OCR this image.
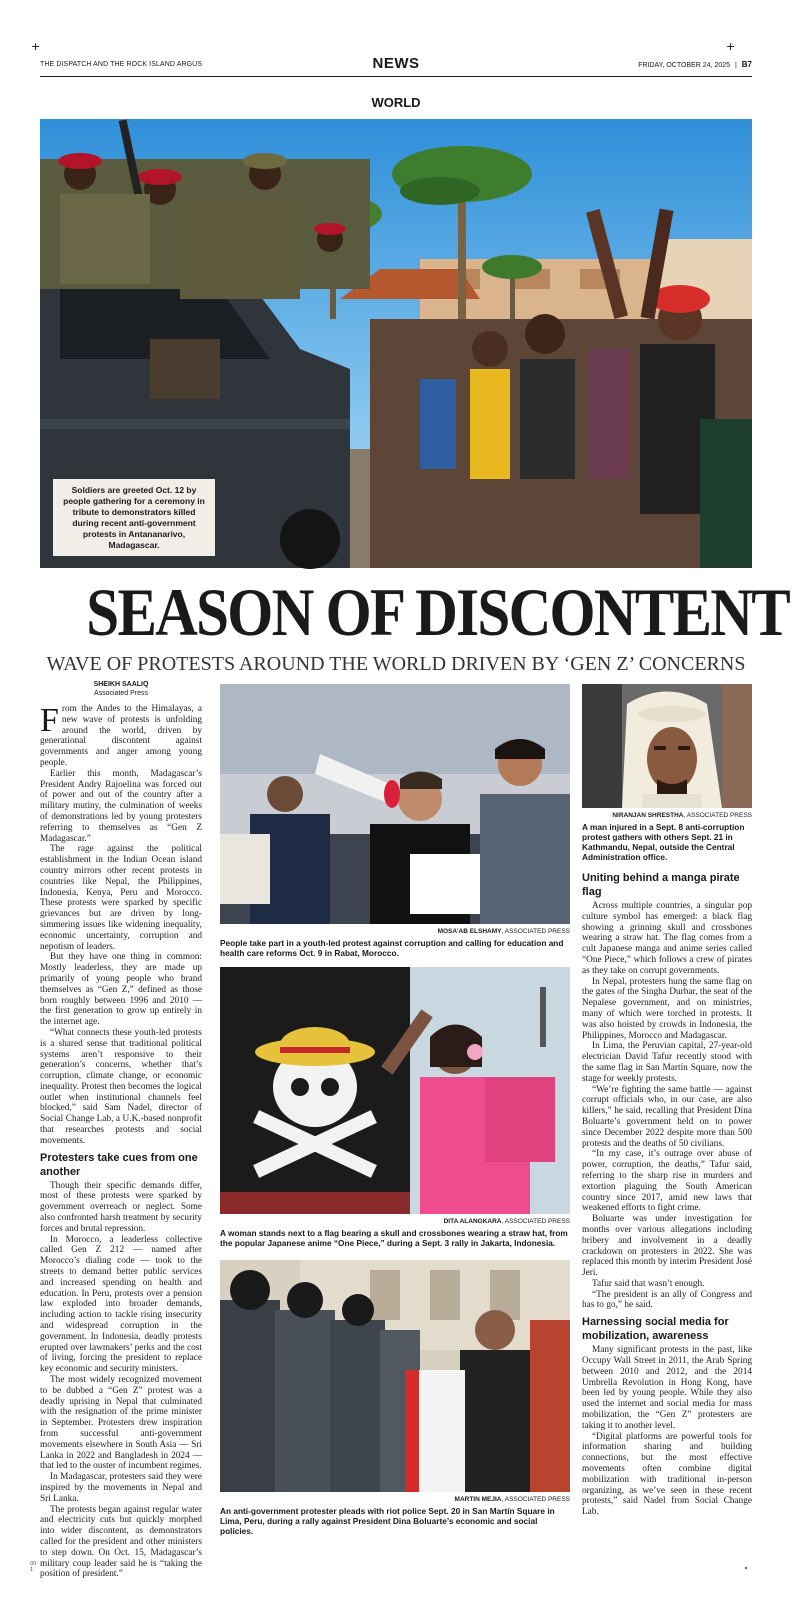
+	+
THE DISPATCH AND THE ROCK ISLAND ARGUS	NEWS	FRIDAY, OCTOBER 24, 2025 | B7
WORLD
Soldiers are greeted Oct. 12 by people gathering for a ceremony in tribute to demonstrators killed during recent anti-government protests in Antananarivo, Madagascar.
SEASON OF DISCONTENT
WAVE OF PROTESTS AROUND THE WORLD DRIVEN BY ‘GEN Z’ CONCERNS
SHEIKH SAALIQ
Associated Press

From the Andes to the Himalayas, a new wave of protests is unfolding around the world, driven by generational discontent against governments and anger among young people.

Earlier this month, Madagascar’s President Andry Rajoelina was forced out of power and out of the country after a military mutiny, the culmination of weeks of demonstrations led by young protesters referring to themselves as “Gen Z Madagascar.”

The rage against the political establishment in the Indian Ocean island country mirrors other recent protests in countries like Nepal, the Philippines, Indonesia, Kenya, Peru and Morocco. These protests were sparked by specific grievances but are driven by long-simmering issues like widening inequality, economic uncertainty, corruption and nepotism of leaders.

But they have one thing in common: Mostly leaderless, they are made up primarily of young people who brand themselves as “Gen Z,” defined as those born roughly between 1996 and 2010 — the first generation to grow up entirely in the internet age.

“What connects these youth-led protests is a shared sense that traditional political systems aren’t responsive to their generation’s concerns, whether that’s corruption, climate change, or economic inequality. Protest then becomes the logical outlet when institutional channels feel blocked,” said Sam Nadel, director of Social Change Lab, a U.K.-based nonprofit that researches protests and social movements.

Protesters take cues from one another

Though their specific demands differ, most of these protests were sparked by government overreach or neglect. Some also confronted harsh treatment by security forces and brutal repression.

In Morocco, a leaderless collective called Gen Z 212 — named after Morocco’s dialing code — took to the streets to demand better public services and increased spending on health and education. In Peru, protests over a pension law exploded into broader demands, including action to tackle rising insecurity and widespread corruption in the government. In Indonesia, deadly protests erupted over lawmakers’ perks and the cost of living, forcing the president to replace key economic and security ministers.

The most widely recognized movement to be dubbed a “Gen Z” protest was a deadly uprising in Nepal that culminated with the resignation of the prime minister in September. Protesters drew inspiration from successful anti-government movements elsewhere in South Asia — Sri Lanka in 2022 and Bangladesh in 2024 — that led to the ouster of incumbent regimes.

In Madagascar, protesters said they were inspired by the movements in Nepal and Sri Lanka.

The protests began against regular water and electricity cuts but quickly morphed into wider discontent, as demonstrators called for the president and other ministers to step down. On Oct. 15, Madagascar’s military coup leader said he is “taking the position of president.”

MOSA’AB ELSHAMY, ASSOCIATED PRESS
People take part in a youth-led protest against corruption and calling for education and health care reforms Oct. 9 in Rabat, Morocco.
DITA ALANGKARA, ASSOCIATED PRESS
A woman stands next to a flag bearing a skull and crossbones wearing a straw hat, from the popular Japanese anime “One Piece,” during a Sept. 3 rally in Jakarta, Indonesia.
MARTIN MEJIA, ASSOCIATED PRESS
An anti-government protester pleads with riot police Sept. 20 in San Martín Square in Lima, Peru, during a rally against President Dina Boluarte’s economic and social policies.
NIRANJAN SHRESTHA, ASSOCIATED PRESS
A man injured in a Sept. 8 anti-corruption protest gathers with others Sept. 21 in Kathmandu, Nepal, outside the Central Administration office.
Uniting behind a manga pirate flag

Across multiple countries, a singular pop culture symbol has emerged: a black flag showing a grinning skull and crossbones wearing a straw hat. The flag comes from a cult Japanese manga and anime series called “One Piece,” which follows a crew of pirates as they take on corrupt governments.

In Nepal, protesters hung the same flag on the gates of the Singha Durbar, the seat of the Nepalese government, and on ministries, many of which were torched in protests. It was also hoisted by crowds in Indonesia, the Philippines, Morocco and Madagascar.

In Lima, the Peruvian capital, 27-year-old electrician David Tafur recently stood with the same flag in San Martín Square, now the stage for weekly protests.

“We’re fighting the same battle — against corrupt officials who, in our case, are also killers,” he said, recalling that President Dina Boluarte’s government held on to power since December 2022 despite more than 500 protests and the deaths of 50 civilians.

“In my case, it’s outrage over abuse of power, corruption, the deaths,” Tafur said, referring to the sharp rise in murders and extortion plaguing the South American country since 2017, amid new laws that weakened efforts to fight crime.

Boluarte was under investigation for months over various allegations including bribery and involvement in a deadly crackdown on protesters in 2022. She was replaced this month by interim President José Jerí.

Tafur said that wasn’t enough.

“The president is an ally of Congress and has to go,” he said.

Harnessing social media for mobilization, awareness

Many significant protests in the past, like Occupy Wall Street in 2011, the Arab Spring between 2010 and 2012, and the 2014 Umbrella Revolution in Hong Kong, have been led by young people. While they also used the internet and social media for mass mobilization, the “Gen Z” protesters are taking it to another level.

“Digital platforms are powerful tools for information sharing and building connections, but the most effective movements often combine digital mobilization with traditional in-person organizing, as we’ve seen in these recent protests,” said Nadel from Social Change Lab.

00
1
